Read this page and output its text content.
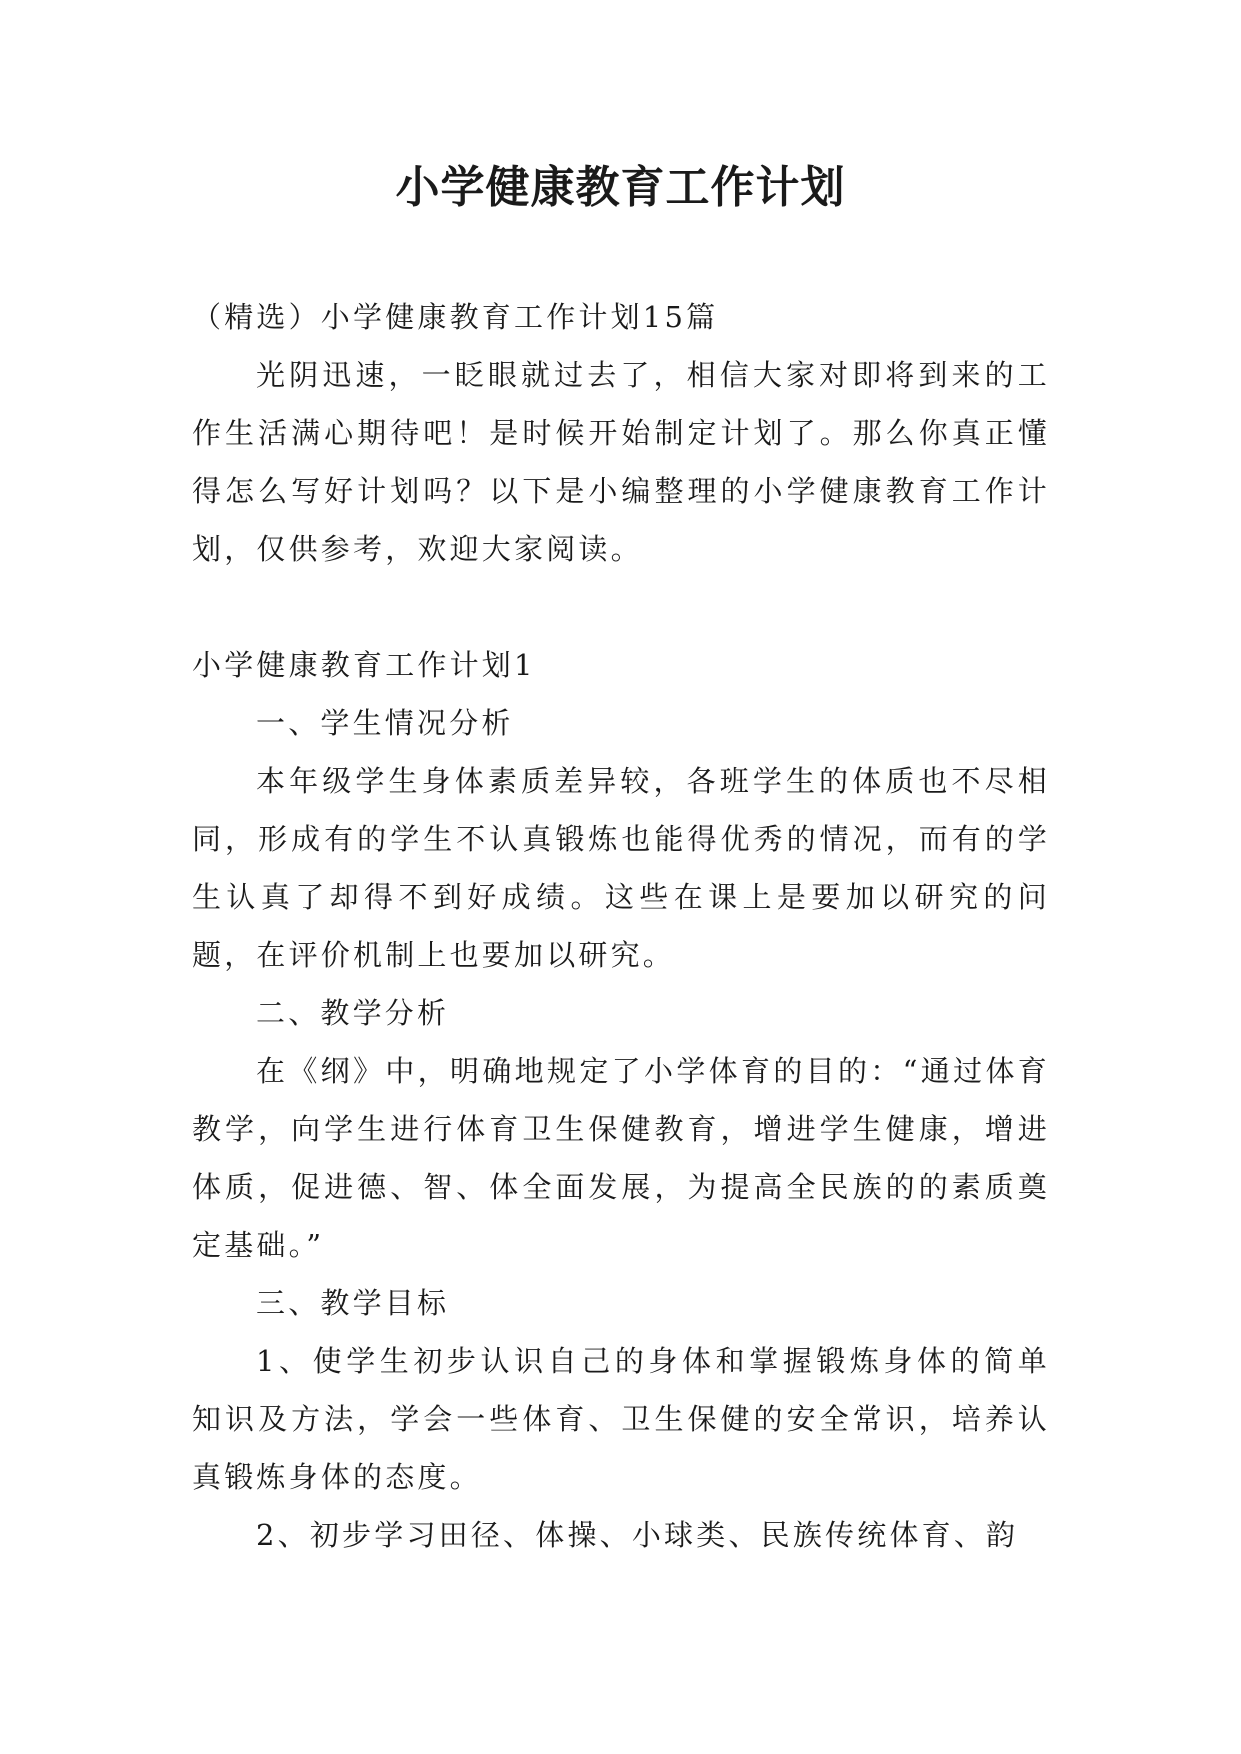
小学健康教育工作计划

（精选）小学健康教育工作计划15篇

光阴迅速，一眨眼就过去了，相信大家对即将到来的工作生活满心期待吧！是时候开始制定计划了。那么你真正懂得怎么写好计划吗？以下是小编整理的小学健康教育工作计划，仅供参考，欢迎大家阅读。

小学健康教育工作计划1

一、学生情况分析

本年级学生身体素质差异较，各班学生的体质也不尽相同，形成有的学生不认真锻炼也能得优秀的情况，而有的学生认真了却得不到好成绩。这些在课上是要加以研究的问题，在评价机制上也要加以研究。

二、教学分析

在《纲》中，明确地规定了小学体育的目的：“通过体育教学，向学生进行体育卫生保健教育，增进学生健康，增进体质，促进德、智、体全面发展，为提高全民族的的素质奠定基础。”

三、教学目标

1、使学生初步认识自己的身体和掌握锻炼身体的简单知识及方法，学会一些体育、卫生保健的安全常识，培养认真锻炼身体的态度。

2、初步学习田径、体操、小球类、民族传统体育、韵
